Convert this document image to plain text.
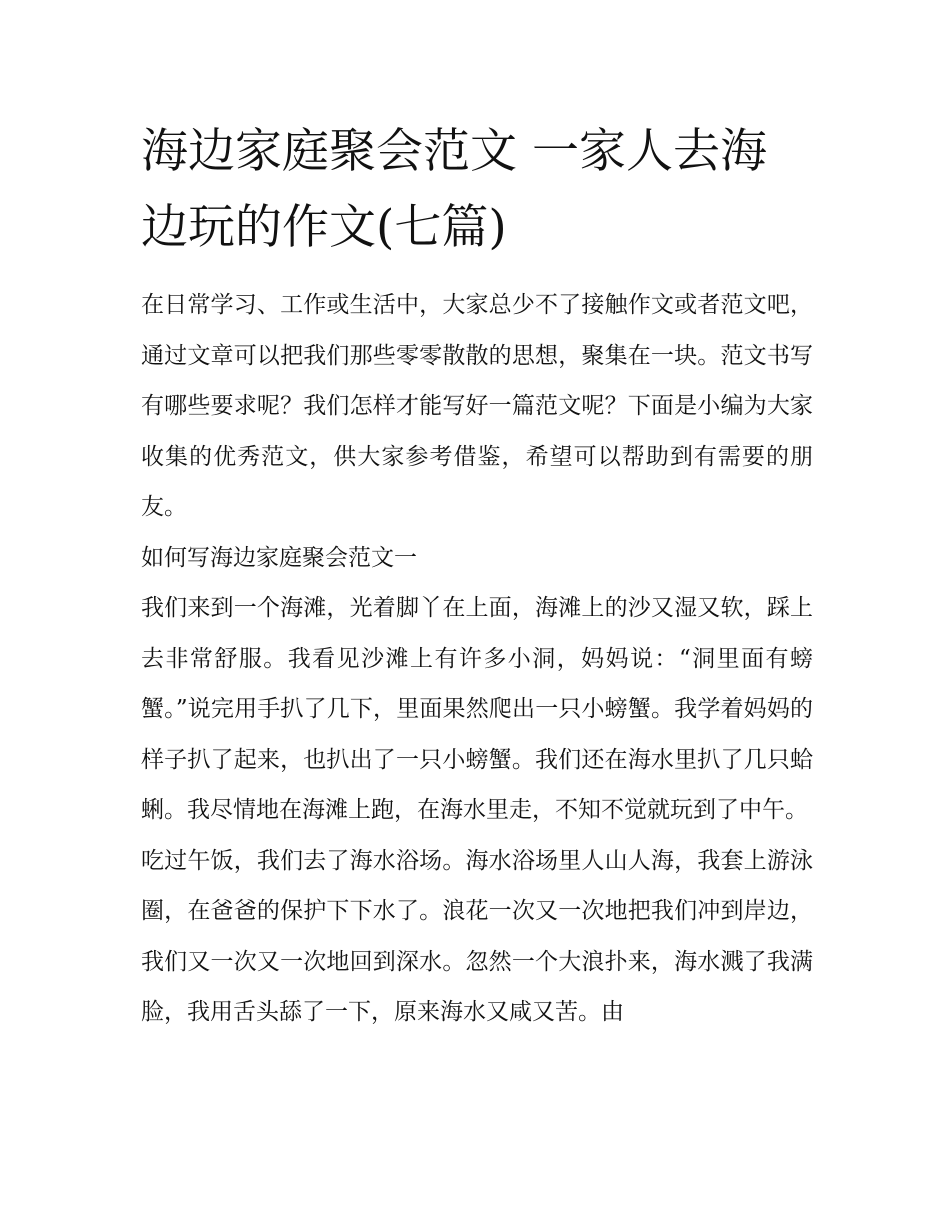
海边家庭聚会范文 一家人去海边玩的作文(七篇)

在日常学习、工作或生活中，大家总少不了接触作文或者范文吧，通过文章可以把我们那些零零散散的思想，聚集在一块。范文书写有哪些要求呢？我们怎样才能写好一篇范文呢？下面是小编为大家收集的优秀范文，供大家参考借鉴，希望可以帮助到有需要的朋友。

如何写海边家庭聚会范文一

我们来到一个海滩，光着脚丫在上面，海滩上的沙又湿又软，踩上去非常舒服。我看见沙滩上有许多小洞，妈妈说：“洞里面有螃蟹。”说完用手扒了几下，里面果然爬出一只小螃蟹。我学着妈妈的样子扒了起来，也扒出了一只小螃蟹。我们还在海水里扒了几只蛤蜊。我尽情地在海滩上跑，在海水里走，不知不觉就玩到了中午。

吃过午饭，我们去了海水浴场。海水浴场里人山人海，我套上游泳圈，在爸爸的保护下下水了。浪花一次又一次地把我们冲到岸边，我们又一次又一次地回到深水。忽然一个大浪扑来，海水溅了我满脸，我用舌头舔了一下，原来海水又咸又苦。由
